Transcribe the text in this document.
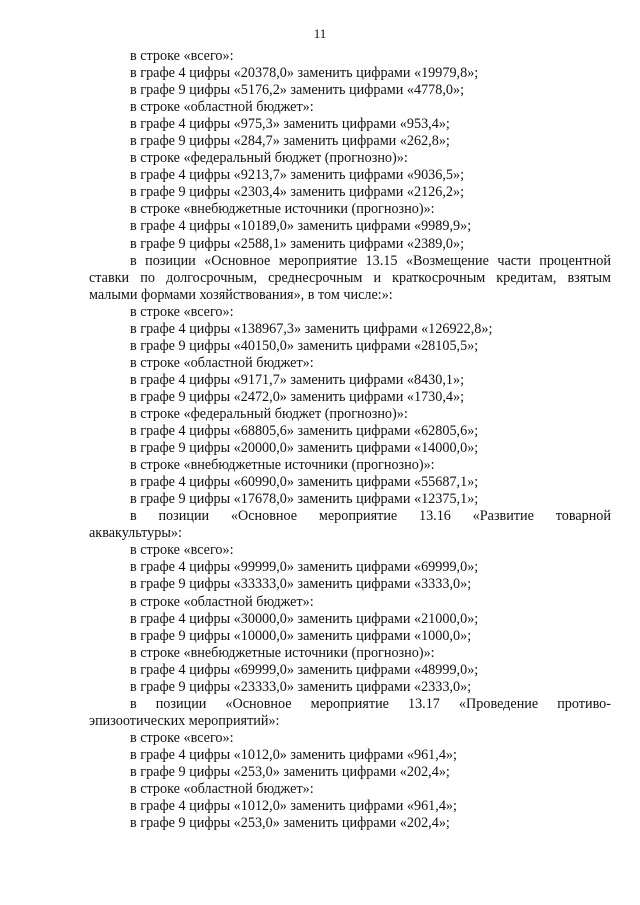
11
в строке «всего»:
в графе 4 цифры «20378,0» заменить цифрами «19979,8»;
в графе 9 цифры «5176,2» заменить цифрами «4778,0»;
в строке «областной бюджет»:
в графе 4 цифры «975,3» заменить цифрами «953,4»;
в графе 9 цифры «284,7» заменить цифрами «262,8»;
в строке «федеральный бюджет (прогнозно)»:
в графе 4 цифры «9213,7» заменить цифрами «9036,5»;
в графе 9 цифры «2303,4» заменить цифрами «2126,2»;
в строке «внебюджетные источники (прогнозно)»:
в графе 4 цифры «10189,0» заменить цифрами «9989,9»;
в графе 9 цифры «2588,1» заменить цифрами «2389,0»;
в позиции «Основное мероприятие 13.15 «Возмещение части процентной
ставки по долгосрочным, среднесрочным и краткосрочным кредитам, взятым
малыми формами хозяйствования», в том числе:»:
в строке «всего»:
в графе 4 цифры «138967,3» заменить цифрами «126922,8»;
в графе 9 цифры «40150,0» заменить цифрами «28105,5»;
в строке «областной бюджет»:
в графе 4 цифры «9171,7» заменить цифрами «8430,1»;
в графе 9 цифры «2472,0» заменить цифрами «1730,4»;
в строке «федеральный бюджет (прогнозно)»:
в графе 4 цифры «68805,6» заменить цифрами «62805,6»;
в графе 9 цифры «20000,0» заменить цифрами «14000,0»;
в строке «внебюджетные источники (прогнозно)»:
в графе 4 цифры «60990,0» заменить цифрами «55687,1»;
в графе 9 цифры «17678,0» заменить цифрами «12375,1»;
в позиции «Основное мероприятие 13.16 «Развитие товарной
аквакультуры»:
в строке «всего»:
в графе 4 цифры «99999,0» заменить цифрами «69999,0»;
в графе 9 цифры «33333,0» заменить цифрами «3333,0»;
в строке «областной бюджет»:
в графе 4 цифры «30000,0» заменить цифрами «21000,0»;
в графе 9 цифры «10000,0» заменить цифрами «1000,0»;
в строке «внебюджетные источники (прогнозно)»:
в графе 4 цифры «69999,0» заменить цифрами «48999,0»;
в графе 9 цифры «23333,0» заменить цифрами «2333,0»;
в позиции «Основное мероприятие 13.17 «Проведение противо-
эпизоотических мероприятий»:
в строке «всего»:
в графе 4 цифры «1012,0» заменить цифрами «961,4»;
в графе 9 цифры «253,0» заменить цифрами «202,4»;
в строке «областной бюджет»:
в графе 4 цифры «1012,0» заменить цифрами «961,4»;
в графе 9 цифры «253,0» заменить цифрами «202,4»;
